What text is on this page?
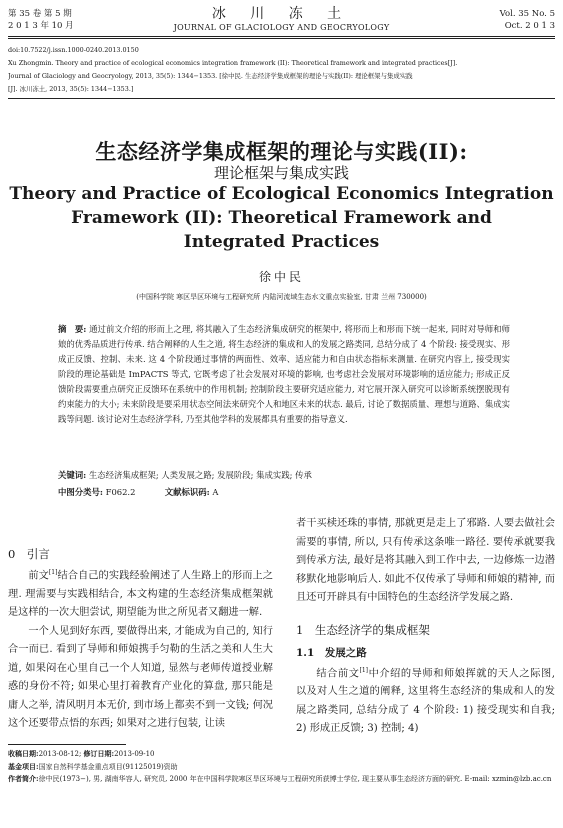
第 35 卷 第 5 期
2 0 1 3 年 10 月
冰 川 冻 土
JOURNAL OF GLACIOLOGY AND GEOCRYOLOGY
Vol. 35 No. 5
Oct. 2 0 1 3
doi:10.7522/j.issn.1000-0240.2013.0150
Xu Zhongmin. Theory and practice of ecological economics integration framework (II): Theoretical framework and integrated practices[J].
Journal of Glaciology and Geocryology, 2013, 35(5): 1344−1353. [徐中民. 生态经济学集成框架的理论与实践(II): 理论框架与集成实践
[J]. 冰川冻土, 2013, 35(5): 1344−1353.]
生态经济学集成框架的理论与实践(II):
理论框架与集成实践
Theory and Practice of Ecological Economics Integration
Framework (II): Theoretical Framework and
Integrated Practices
徐中民
(中国科学院 寒区旱区环境与工程研究所 内陆河流域生态水文重点实验室, 甘肃 兰州 730000)
摘　要: 通过前文介绍的形而上之理, 将其融入了生态经济集成研究的框架中, 将形而上和形而下统一起来, 同时对导师和师娘的优秀品质进行传承. 结合阐释的人生之道, 将生态经济的集成和人的发展之路类同, 总结分成了 4 个阶段: 接受现实、形成正反馈、控制、未来. 这 4 个阶段通过事情的两面性、效率、适应能力和自由状态指标来测量. 在研究内容上, 接受现实阶段的理论基础是 ImPACTS 等式, 它既考虑了社会发展对环境的影响, 也考虑社会发展对环境影响的适应能力; 形成正反馈阶段需要重点研究正反馈环在系统中的作用机制; 控制阶段主要研究适应能力, 对它展开深入研究可以诊断系统摆脱现有约束能力的大小; 未来阶段是要采用状态空间法来研究个人和地区未来的状态. 最后, 讨论了数据质量、理想与道路、集成实践等问题. 该讨论对生态经济学科, 乃至其他学科的发展都具有重要的指导意义.
关键词: 生态经济集成框架; 人类发展之路; 发展阶段; 集成实践; 传承
中图分类号: F062.2	文献标识码: A
0　引言

前文[1]结合自己的实践经验阐述了人生路上的形而上之理. 理需要与实践相结合, 本文构建的生态经济集成框架就是这样的一次大胆尝试, 期望能为世之所见者又翻进一解.

一个人见到好东西, 要做得出来, 才能成为自己的, 知行合一而已. 看到了导师和师娘携手匀勒的生活之美和人生大道, 如果闷在心里自己一个人知道, 显然与老师传道授业解惑的身份不符; 如果心里打着教育产业化的算盘, 那只能是庸人之举, 清风明月本无价, 到市场上都卖不到一文钱; 何况这个还要带点悟的东西; 如果对之进行包装, 让读

者干买椟还珠的事情, 那就更是走上了邪路. 人要去做社会需要的事情, 所以, 只有传承这条唯一路径. 要传承就要我到传承方法, 最好是将其融入到工作中去, 一边修炼一边潜移默化地影响后人. 如此不仅传承了导师和师娘的精神, 而且还可开辟具有中国特色的生态经济学发展之路.

1　生态经济学的集成框架
1.1　发展之路

结合前文[1]中介绍的导师和师娘挥就的天人之际图, 以及对人生之道的阐释, 这里将生态经济的集成和人的发展之路类同, 总结分成了 4 个阶段: 1) 接受现实和自我; 2) 形成正反馈; 3) 控制; 4)

收稿日期:2013-08-12; 修订日期:2013-09-10
基金项目:国家自然科学基金重点项目(91125019)资助
作者简介:徐中民(1973−), 男, 湖南华容人, 研究员, 2000 年在中国科学院寒区旱区环境与工程研究所获博士学位, 现主要从事生态经济方面的研究. E-mail: xzmin@lzb.ac.cn
